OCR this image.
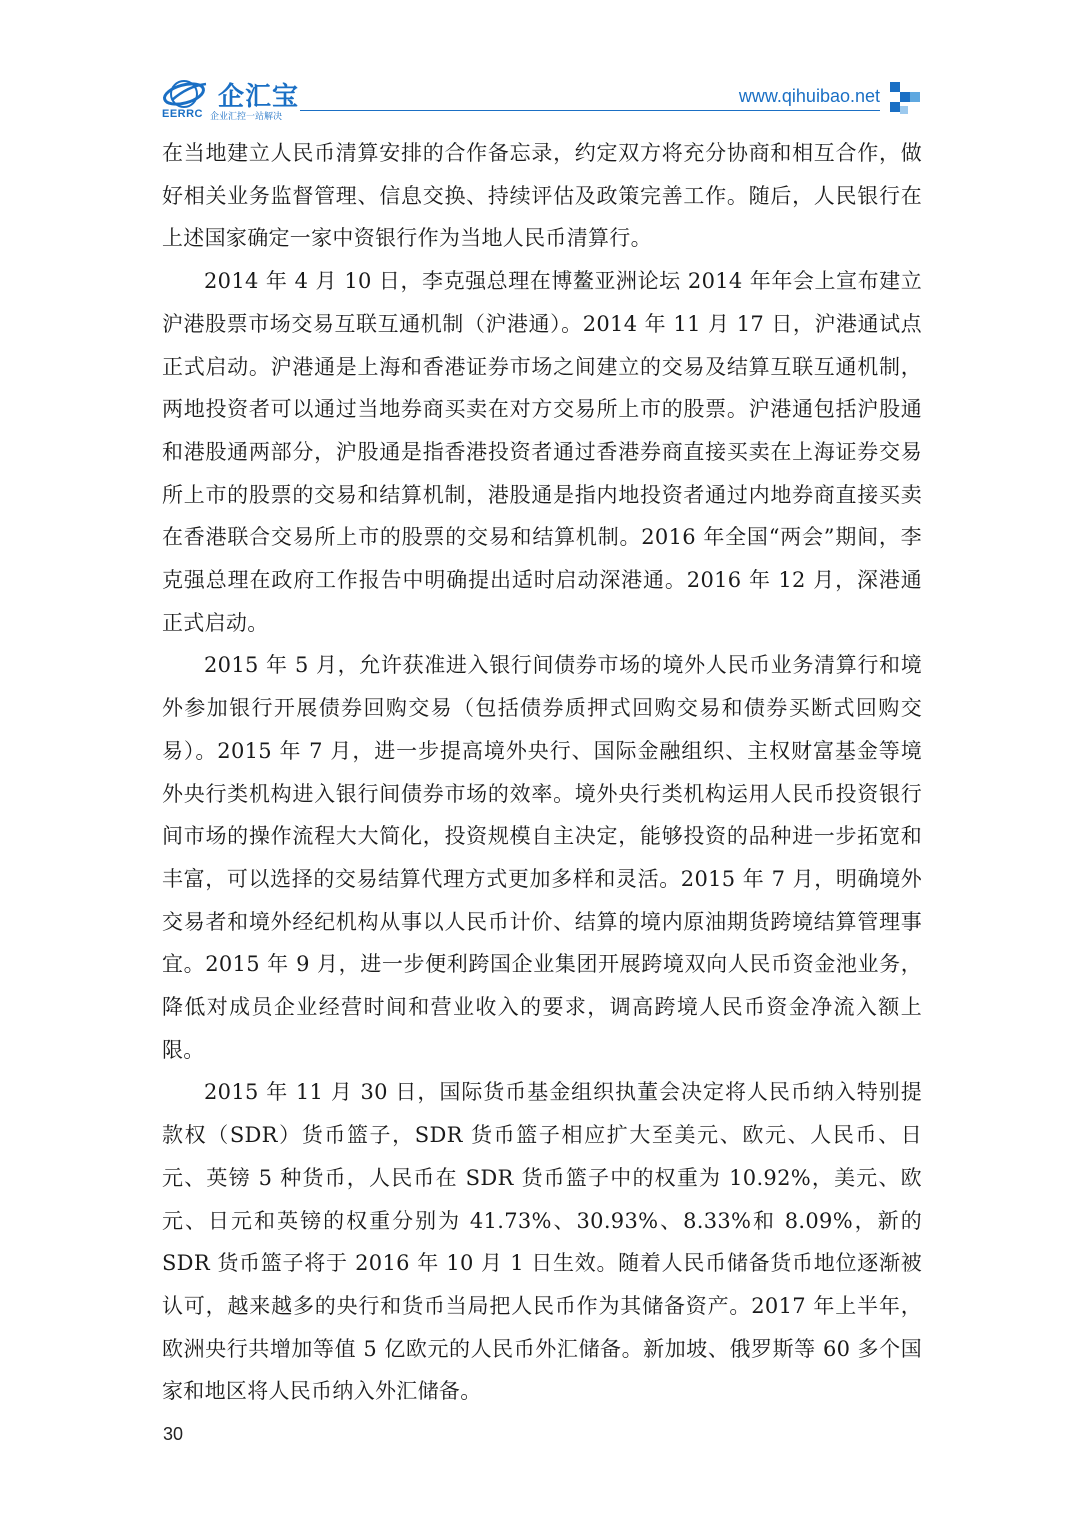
企汇宝
EERRC 企业汇控一站解决
www.qihuibao.net

在当地建立人民币清算安排的合作备忘录，约定双方将充分协商和相互合作，做好相关业务监督管理、信息交换、持续评估及政策完善工作。随后，人民银行在上述国家确定一家中资银行作为当地人民币清算行。

2014 年 4 月 10 日，李克强总理在博鳌亚洲论坛 2014 年年会上宣布建立沪港股票市场交易互联互通机制（沪港通）。2014 年 11 月 17 日，沪港通试点正式启动。沪港通是上海和香港证券市场之间建立的交易及结算互联互通机制，两地投资者可以通过当地券商买卖在对方交易所上市的股票。沪港通包括沪股通和港股通两部分，沪股通是指香港投资者通过香港券商直接买卖在上海证券交易所上市的股票的交易和结算机制，港股通是指内地投资者通过内地券商直接买卖在香港联合交易所上市的股票的交易和结算机制。2016 年全国“两会”期间，李克强总理在政府工作报告中明确提出适时启动深港通。2016 年 12 月，深港通正式启动。

2015 年 5 月，允许获准进入银行间债券市场的境外人民币业务清算行和境外参加银行开展债券回购交易（包括债券质押式回购交易和债券买断式回购交易）。2015 年 7 月，进一步提高境外央行、国际金融组织、主权财富基金等境外央行类机构进入银行间债券市场的效率。境外央行类机构运用人民币投资银行间市场的操作流程大大简化，投资规模自主决定，能够投资的品种进一步拓宽和丰富，可以选择的交易结算代理方式更加多样和灵活。2015 年 7 月，明确境外交易者和境外经纪机构从事以人民币计价、结算的境内原油期货跨境结算管理事宜。2015 年 9 月，进一步便利跨国企业集团开展跨境双向人民币资金池业务，降低对成员企业经营时间和营业收入的要求，调高跨境人民币资金净流入额上限。

2015 年 11 月 30 日，国际货币基金组织执董会决定将人民币纳入特别提款权（SDR）货币篮子，SDR 货币篮子相应扩大至美元、欧元、人民币、日元、英镑 5 种货币，人民币在 SDR 货币篮子中的权重为 10.92%，美元、欧元、日元和英镑的权重分别为 41.73%、30.93%、8.33%和 8.09%，新的 SDR 货币篮子将于 2016 年 10 月 1 日生效。随着人民币储备货币地位逐渐被认可，越来越多的央行和货币当局把人民币作为其储备资产。2017 年上半年，欧洲央行共增加等值 5 亿欧元的人民币外汇储备。新加坡、俄罗斯等 60 多个国家和地区将人民币纳入外汇储备。

30
